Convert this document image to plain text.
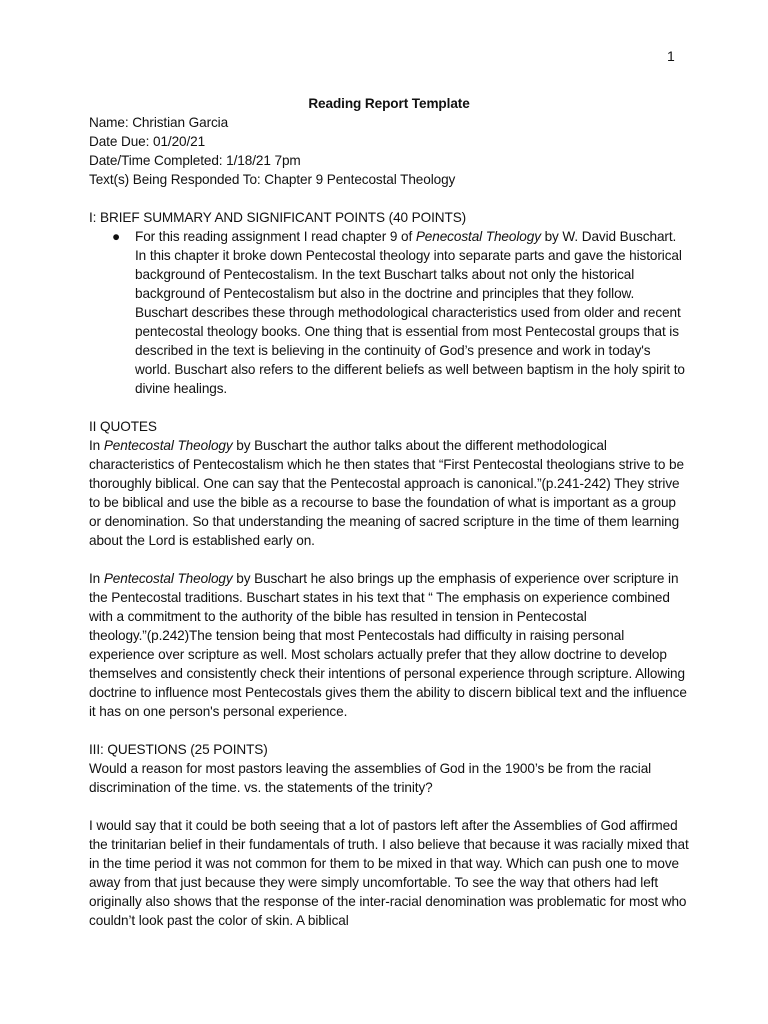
1

Reading Report Template

Name: Christian Garcia

Date Due: 01/20/21

Date/Time Completed: 1/18/21 7pm

Text(s) Being Responded To: Chapter 9 Pentecostal Theology

I: BRIEF SUMMARY AND SIGNIFICANT POINTS (40 POINTS)

● For this reading assignment I read chapter 9 of Penecostal Theology by W. David Buschart. In this chapter it broke down Pentecostal theology into separate parts and gave the historical background of Pentecostalism. In the text Buschart talks about not only the historical background of Pentecostalism but also in the doctrine and principles that they follow. Buschart describes these through methodological characteristics used from older and recent pentecostal theology books. One thing that is essential from most Pentecostal groups that is described in the text is believing in the continuity of God’s presence and work in today's world. Buschart also refers to the different beliefs as well between baptism in the holy spirit to divine healings.

II QUOTES

In Pentecostal Theology by Buschart the author talks about the different methodological characteristics of Pentecostalism which he then states that “First Pentecostal theologians strive to be thoroughly biblical. One can say that the Pentecostal approach is canonical.”(p.241-242) They strive to be biblical and use the bible as a recourse to base the foundation of what is important as a group or denomination. So that understanding the meaning of sacred scripture in the time of them learning about the Lord is established early on.

In Pentecostal Theology by Buschart he also brings up the emphasis of experience over scripture in the Pentecostal traditions. Buschart states in his text that “ The emphasis on experience combined with a commitment to the authority of the bible has resulted in tension in Pentecostal theology.”(p.242)The tension being that most Pentecostals had difficulty in raising personal experience over scripture as well. Most scholars actually prefer that they allow doctrine to develop themselves and consistently check their intentions of personal experience through scripture. Allowing doctrine to influence most Pentecostals gives them the ability to discern biblical text and the influence it has on one person's personal experience.

III: QUESTIONS (25 POINTS)

Would a reason for most pastors leaving the assemblies of God in the 1900’s be from the racial discrimination of the time. vs. the statements of the trinity?

I would say that it could be both seeing that a lot of pastors left after the Assemblies of God affirmed the trinitarian belief in their fundamentals of truth. I also believe that because it was racially mixed that in the time period it was not common for them to be mixed in that way. Which can push one to move away from that just because they were simply uncomfortable. To see the way that others had left originally also shows that the response of the inter-racial denomination was problematic for most who couldn’t look past the color of skin. A biblical
